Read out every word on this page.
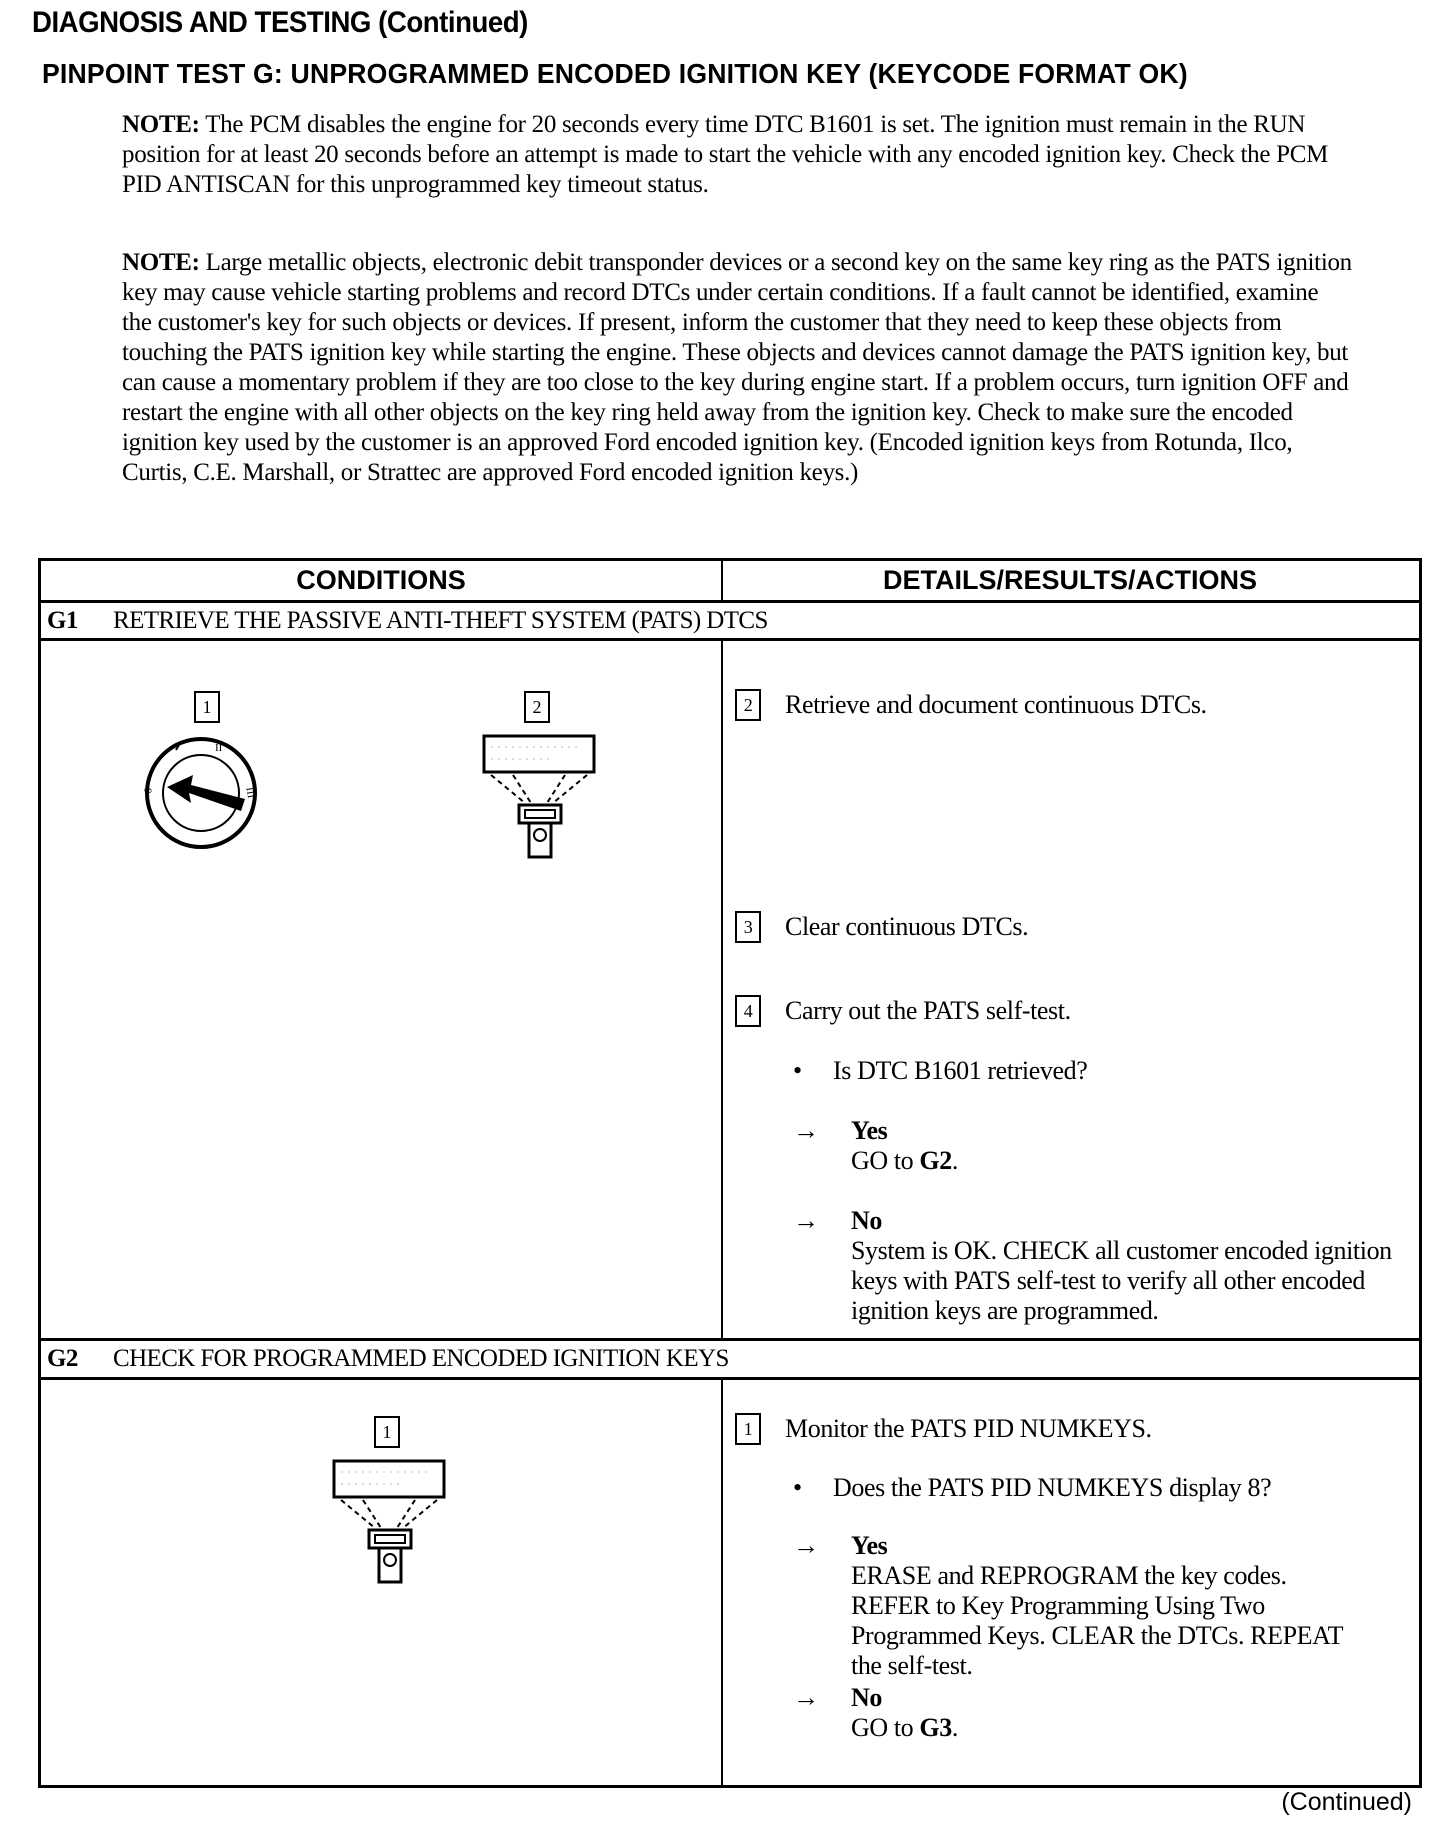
DIAGNOSIS AND TESTING (Continued)
PINPOINT TEST G: UNPROGRAMMED ENCODED IGNITION KEY (KEYCODE FORMAT OK)
NOTE: The PCM disables the engine for 20 seconds every time DTC B1601 is set. The ignition must remain in the RUN position for at least 20 seconds before an attempt is made to start the vehicle with any encoded ignition key. Check the PCM PID ANTISCAN for this unprogrammed key timeout status.
NOTE: Large metallic objects, electronic debit transponder devices or a second key on the same key ring as the PATS ignition key may cause vehicle starting problems and record DTCs under certain conditions. If a fault cannot be identified, examine the customer's key for such objects or devices. If present, inform the customer that they need to keep these objects from touching the PATS ignition key while starting the engine. These objects and devices cannot damage the PATS ignition key, but can cause a momentary problem if they are too close to the key during engine start. If a problem occurs, turn ignition OFF and restart the engine with all other objects on the key ring held away from the ignition key. Check to make sure the encoded ignition key used by the customer is an approved Ford encoded ignition key. (Encoded ignition keys from Rotunda, Ilco, Curtis, C.E. Marshall, or Strattec are approved Ford encoded ignition keys.)
CONDITIONS	DETAILS/RESULTS/ACTIONS
G1	RETRIEVE THE PASSIVE ANTI-THEFT SYSTEM (PATS) DTCS
1
0
II
III
2	2	Retrieve and document continuous DTCs.
3	Clear continuous DTCs.
4	Carry out the PATS self-test.
• Is DTC B1601 retrieved?
→ Yes
GO to G2.
→ No
System is OK. CHECK all customer encoded ignition keys with PATS self-test to verify all other encoded ignition keys are programmed.
G2	CHECK FOR PROGRAMMED ENCODED IGNITION KEYS
1	1	Monitor the PATS PID NUMKEYS.
• Does the PATS PID NUMKEYS display 8?
→ Yes
ERASE and REPROGRAM the key codes. REFER to Key Programming Using Two Programmed Keys. CLEAR the DTCs. REPEAT the self-test.
→ No
GO to G3.
(Continued)
